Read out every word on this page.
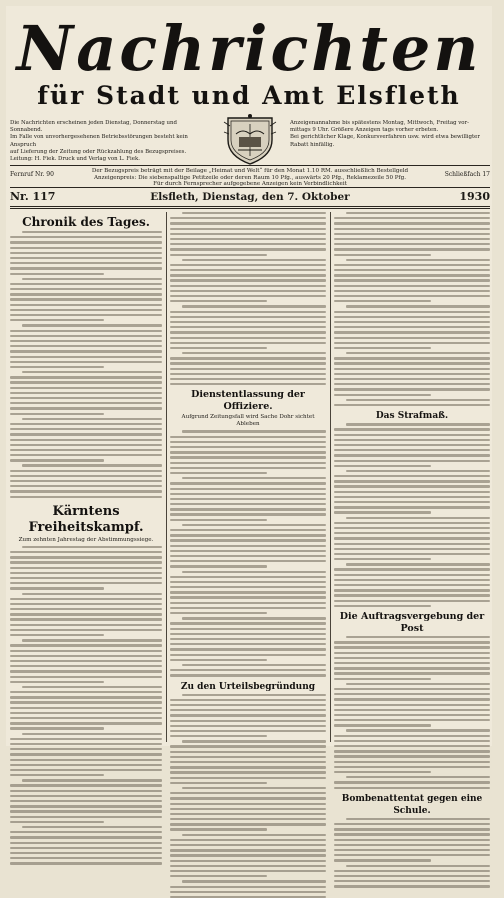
Nachrichten
für Stadt und Amt Elsfleth
Die Nachrichten erscheinen jeden Dienstag, Donnerstag und Sonnabend.
Im Falle von unvorhergesehenen Betriebsstörungen besteht kein Anspruch
auf Lieferung der Zeitung oder Rückzahlung des Bezugspreises.
Leitung: H. Fiek. Druck und Verlag von L. Fiek.
Anzeigenannahme bis spätestens Montag, Mittwoch, Freitag vor-
mittags 9 Uhr. Größere Anzeigen tags vorher erbeten.
Bei gerichtlicher Klage, Konkursverfahren usw. wird etwa bewilligter
Rabatt hinfällig.
Fernruf Nr. 90	Der Bezugspreis beträgt mit der Beilage „Heimat und Welt“ für den Monat 1.10 RM. ausschließlich Bestellgeld
Anzeigenpreis: Die siebenspaltige Petitzeile oder deren Raum 10 Pfg., auswärts 20 Pfg., Reklamezeile 50 Pfg.
Für durch Fernsprecher aufgegebene Anzeigen kein Verbindlichkeit
Schließfach 17
Nr. 117	Elsfleth, Dienstag, den 7. Oktober	1930
Chronik des Tages.
Kärntens Freiheitskampf.
Zum zehnten Jahrestag der Abstimmungssiege.
Dienstentlassung der Offiziere.
Aufgrund Zeitungsfall wird Sache Dohr sichtet Ableben
Zu den Urteilsbegründung
Das Strafmaß.
Die Auftragsvergebung der Post
Bombenattentat gegen eine Schule.
